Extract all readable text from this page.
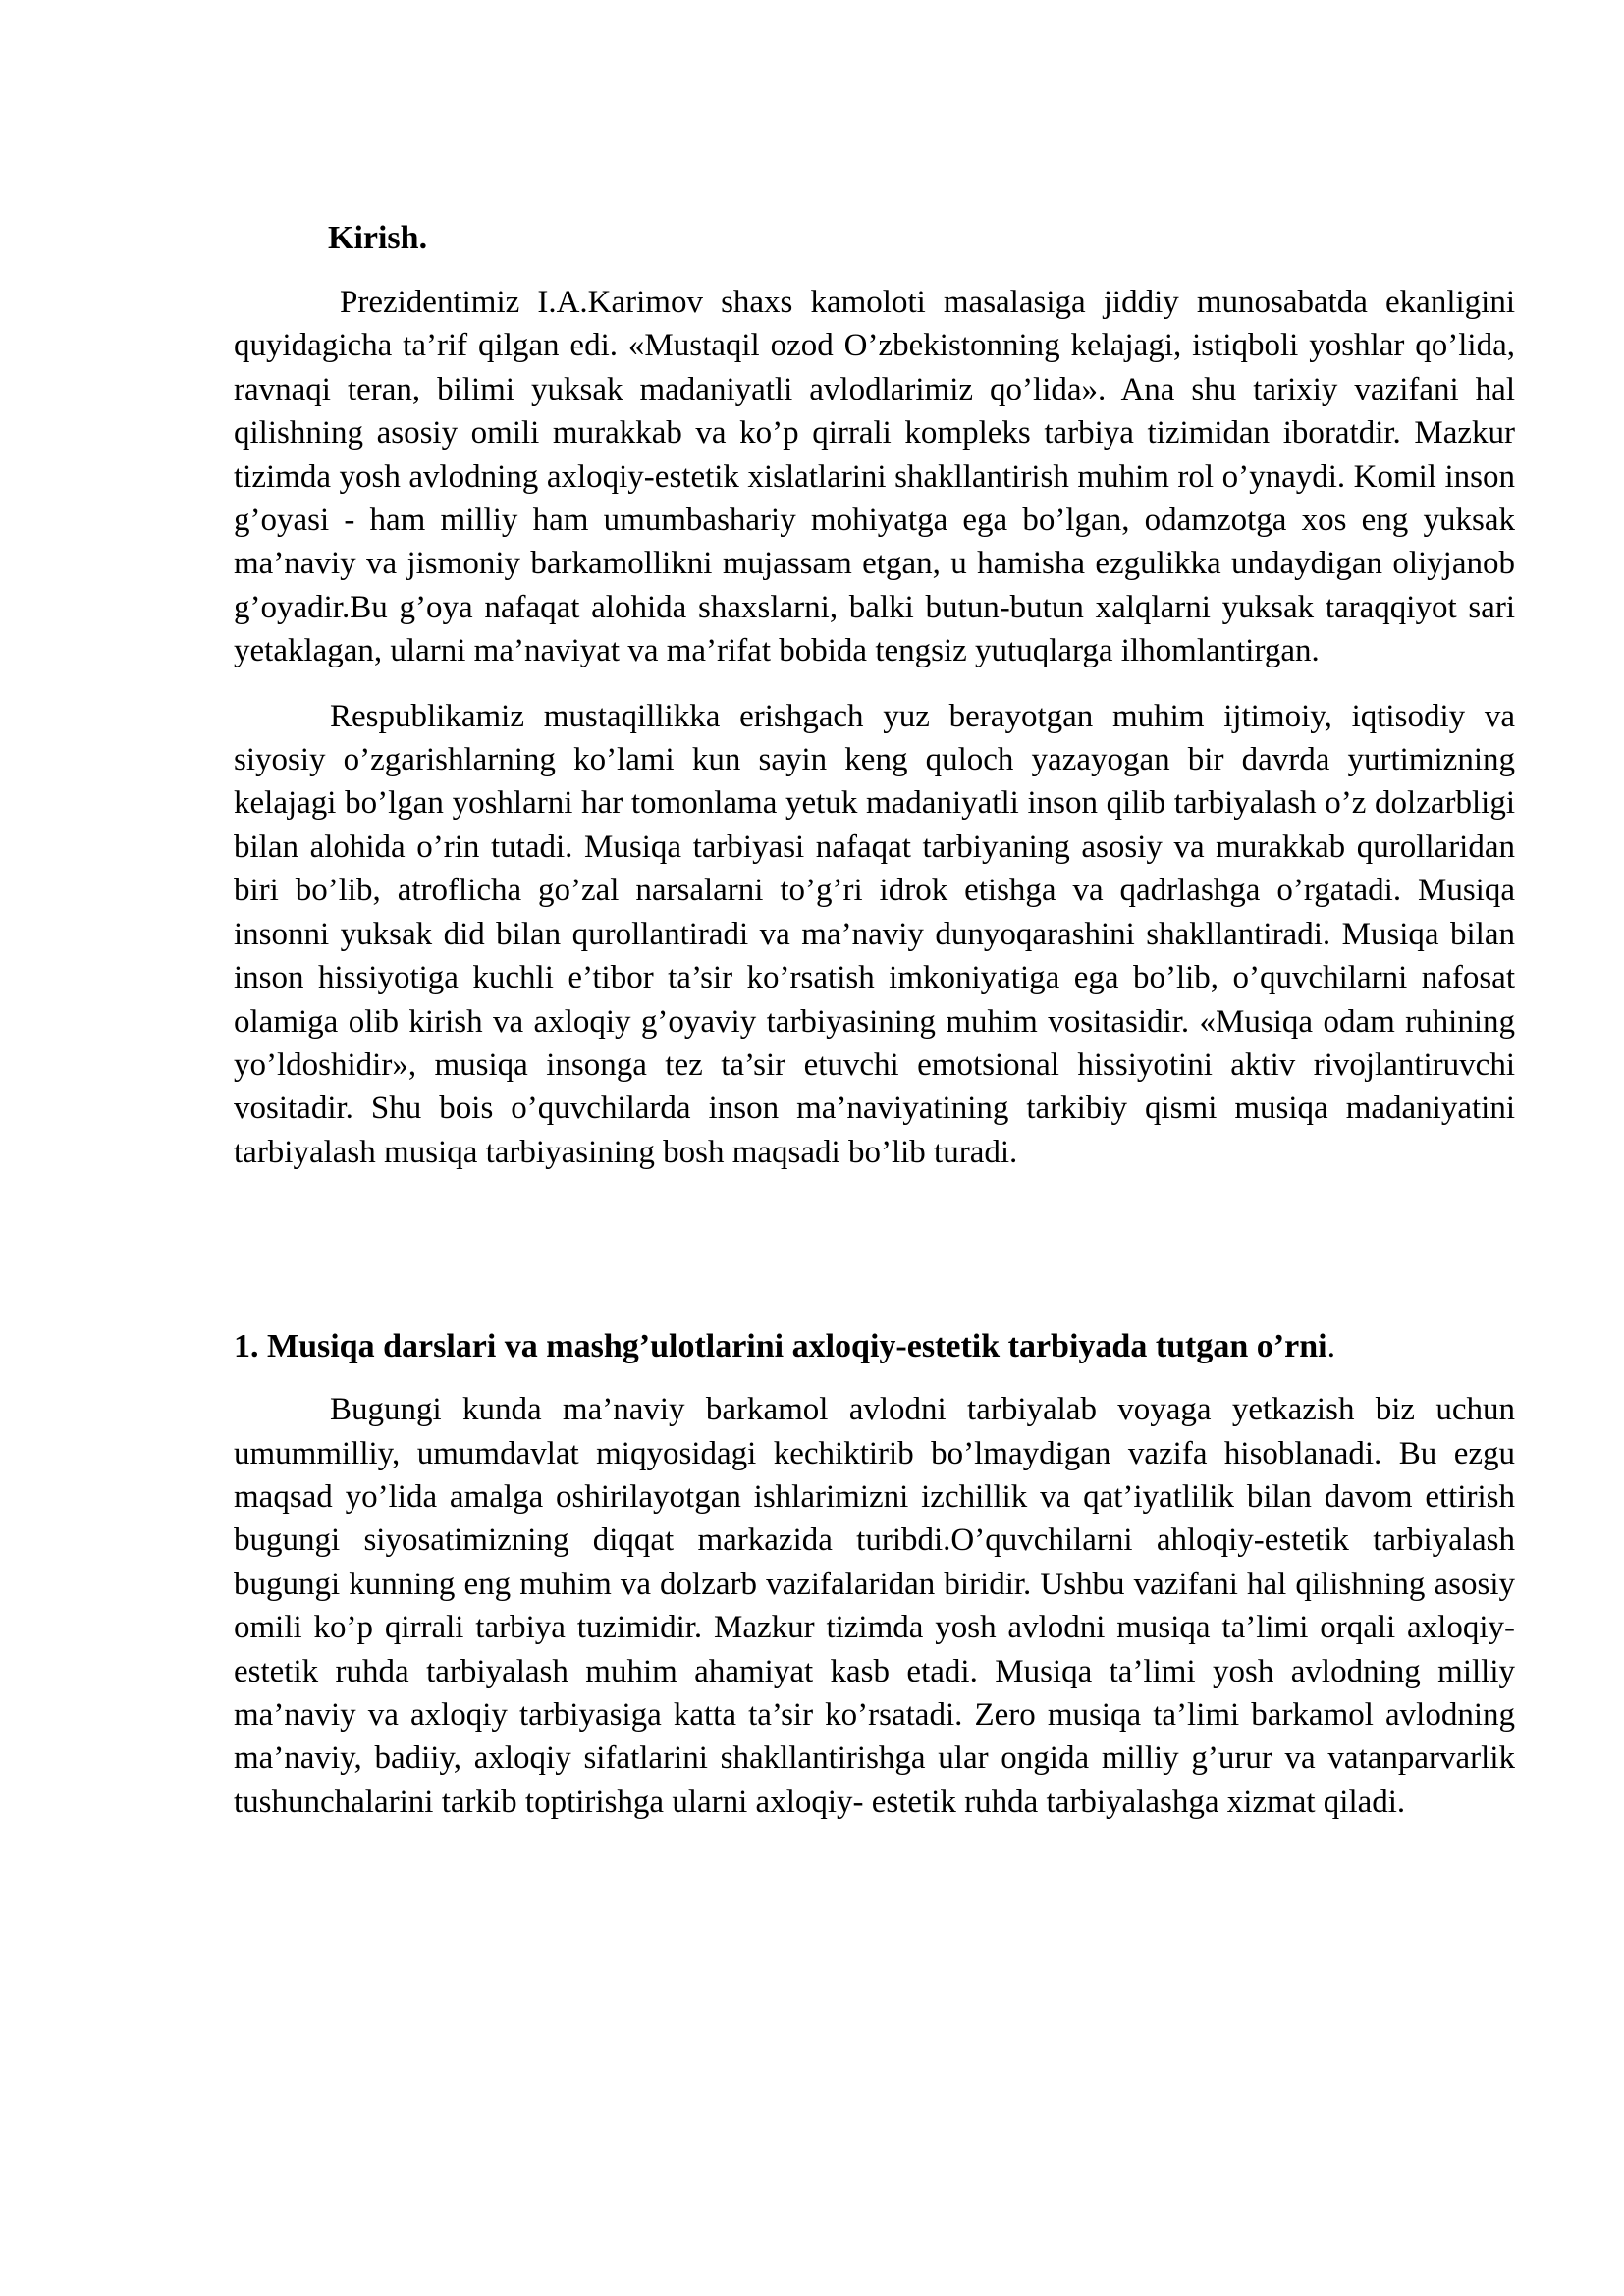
Kirish.

Prezidentimiz I.A.Karimov shaxs kamoloti masalasiga jiddiy munosabatda ekanligini quyidagicha ta’rif qilgan edi. «Mustaqil ozod O’zbekistonning kelajagi, istiqboli yoshlar qo’lida, ravnaqi teran, bilimi yuksak madaniyatli avlodlarimiz qo’lida». Ana shu tarixiy vazifani hal qilishning asosiy omili murakkab va ko’p qirrali kompleks tarbiya tizimidan iboratdir. Mazkur tizimda yosh avlodning axloqiy-estetik xislatlarini shakllantirish muhim rol o’ynaydi. Komil inson g’oyasi - ham milliy ham umumbashariy mohiyatga ega bo’lgan, odamzotga xos eng yuksak ma’naviy va jismoniy barkamollikni mujassam etgan, u hamisha ezgulikka undaydigan oliyjanob g’oyadir.Bu g’oya nafaqat alohida shaxslarni, balki butun-butun xalqlarni yuksak taraqqiyot sari yetaklagan, ularni ma’naviyat va ma’rifat bobida tengsiz yutuqlarga ilhomlantirgan.

Respublikamiz mustaqillikka erishgach yuz berayotgan muhim ijtimoiy, iqtisodiy va siyosiy o’zgarishlarning ko’lami kun sayin keng quloch yazayogan bir davrda yurtimizning kelajagi bo’lgan yoshlarni har tomonlama yetuk madaniyatli inson qilib tarbiyalash o’z dolzarbligi bilan alohida o’rin tutadi. Musiqa tarbiyasi nafaqat tarbiyaning asosiy va murakkab qurollaridan biri bo’lib, atroflicha go’zal narsalarni to’g’ri idrok etishga va qadrlashga o’rgatadi. Musiqa insonni yuksak did bilan qurollantiradi va ma’naviy dunyoqarashini shakllantiradi. Musiqa bilan inson hissiyotiga kuchli e’tibor ta’sir ko’rsatish imkoniyatiga ega bo’lib, o’quvchilarni nafosat olamiga olib kirish va axloqiy g’oyaviy tarbiyasining muhim vositasidir. «Musiqa odam ruhining yo’ldoshidir», musiqa insonga tez ta’sir etuvchi emotsional hissiyotini aktiv rivojlantiruvchi vositadir. Shu bois o’quvchilarda inson ma’naviyatining tarkibiy qismi musiqa madaniyatini tarbiyalash musiqa tarbiyasining bosh maqsadi bo’lib turadi.

1. Musiqa darslari va mashg’ulotlarini axloqiy-estetik tarbiyada tutgan o’rni.

Bugungi kunda ma’naviy barkamol avlodni tarbiyalab voyaga yetkazish biz uchun umummilliy, umumdavlat miqyosidagi kechiktirib bo’lmaydigan vazifa hisoblanadi. Bu ezgu maqsad yo’lida amalga oshirilayotgan ishlarimizni izchillik va qat’iyatlilik bilan davom ettirish bugungi siyosatimizning diqqat markazida turibdi.O’quvchilarni ahloqiy-estetik tarbiyalash bugungi kunning eng muhim va dolzarb vazifalaridan biridir. Ushbu vazifani hal qilishning asosiy omili ko’p qirrali tarbiya tuzimidir. Mazkur tizimda yosh avlodni musiqa ta’limi orqali axloqiy- estetik ruhda tarbiyalash muhim ahamiyat kasb etadi. Musiqa ta’limi yosh avlodning milliy ma’naviy va axloqiy tarbiyasiga katta ta’sir ko’rsatadi. Zero musiqa ta’limi barkamol avlodning ma’naviy, badiiy, axloqiy sifatlarini shakllantirishga ular ongida milliy g’urur va vatanparvarlik tushunchalarini tarkib toptirishga ularni axloqiy- estetik ruhda tarbiyalashga xizmat qiladi.
